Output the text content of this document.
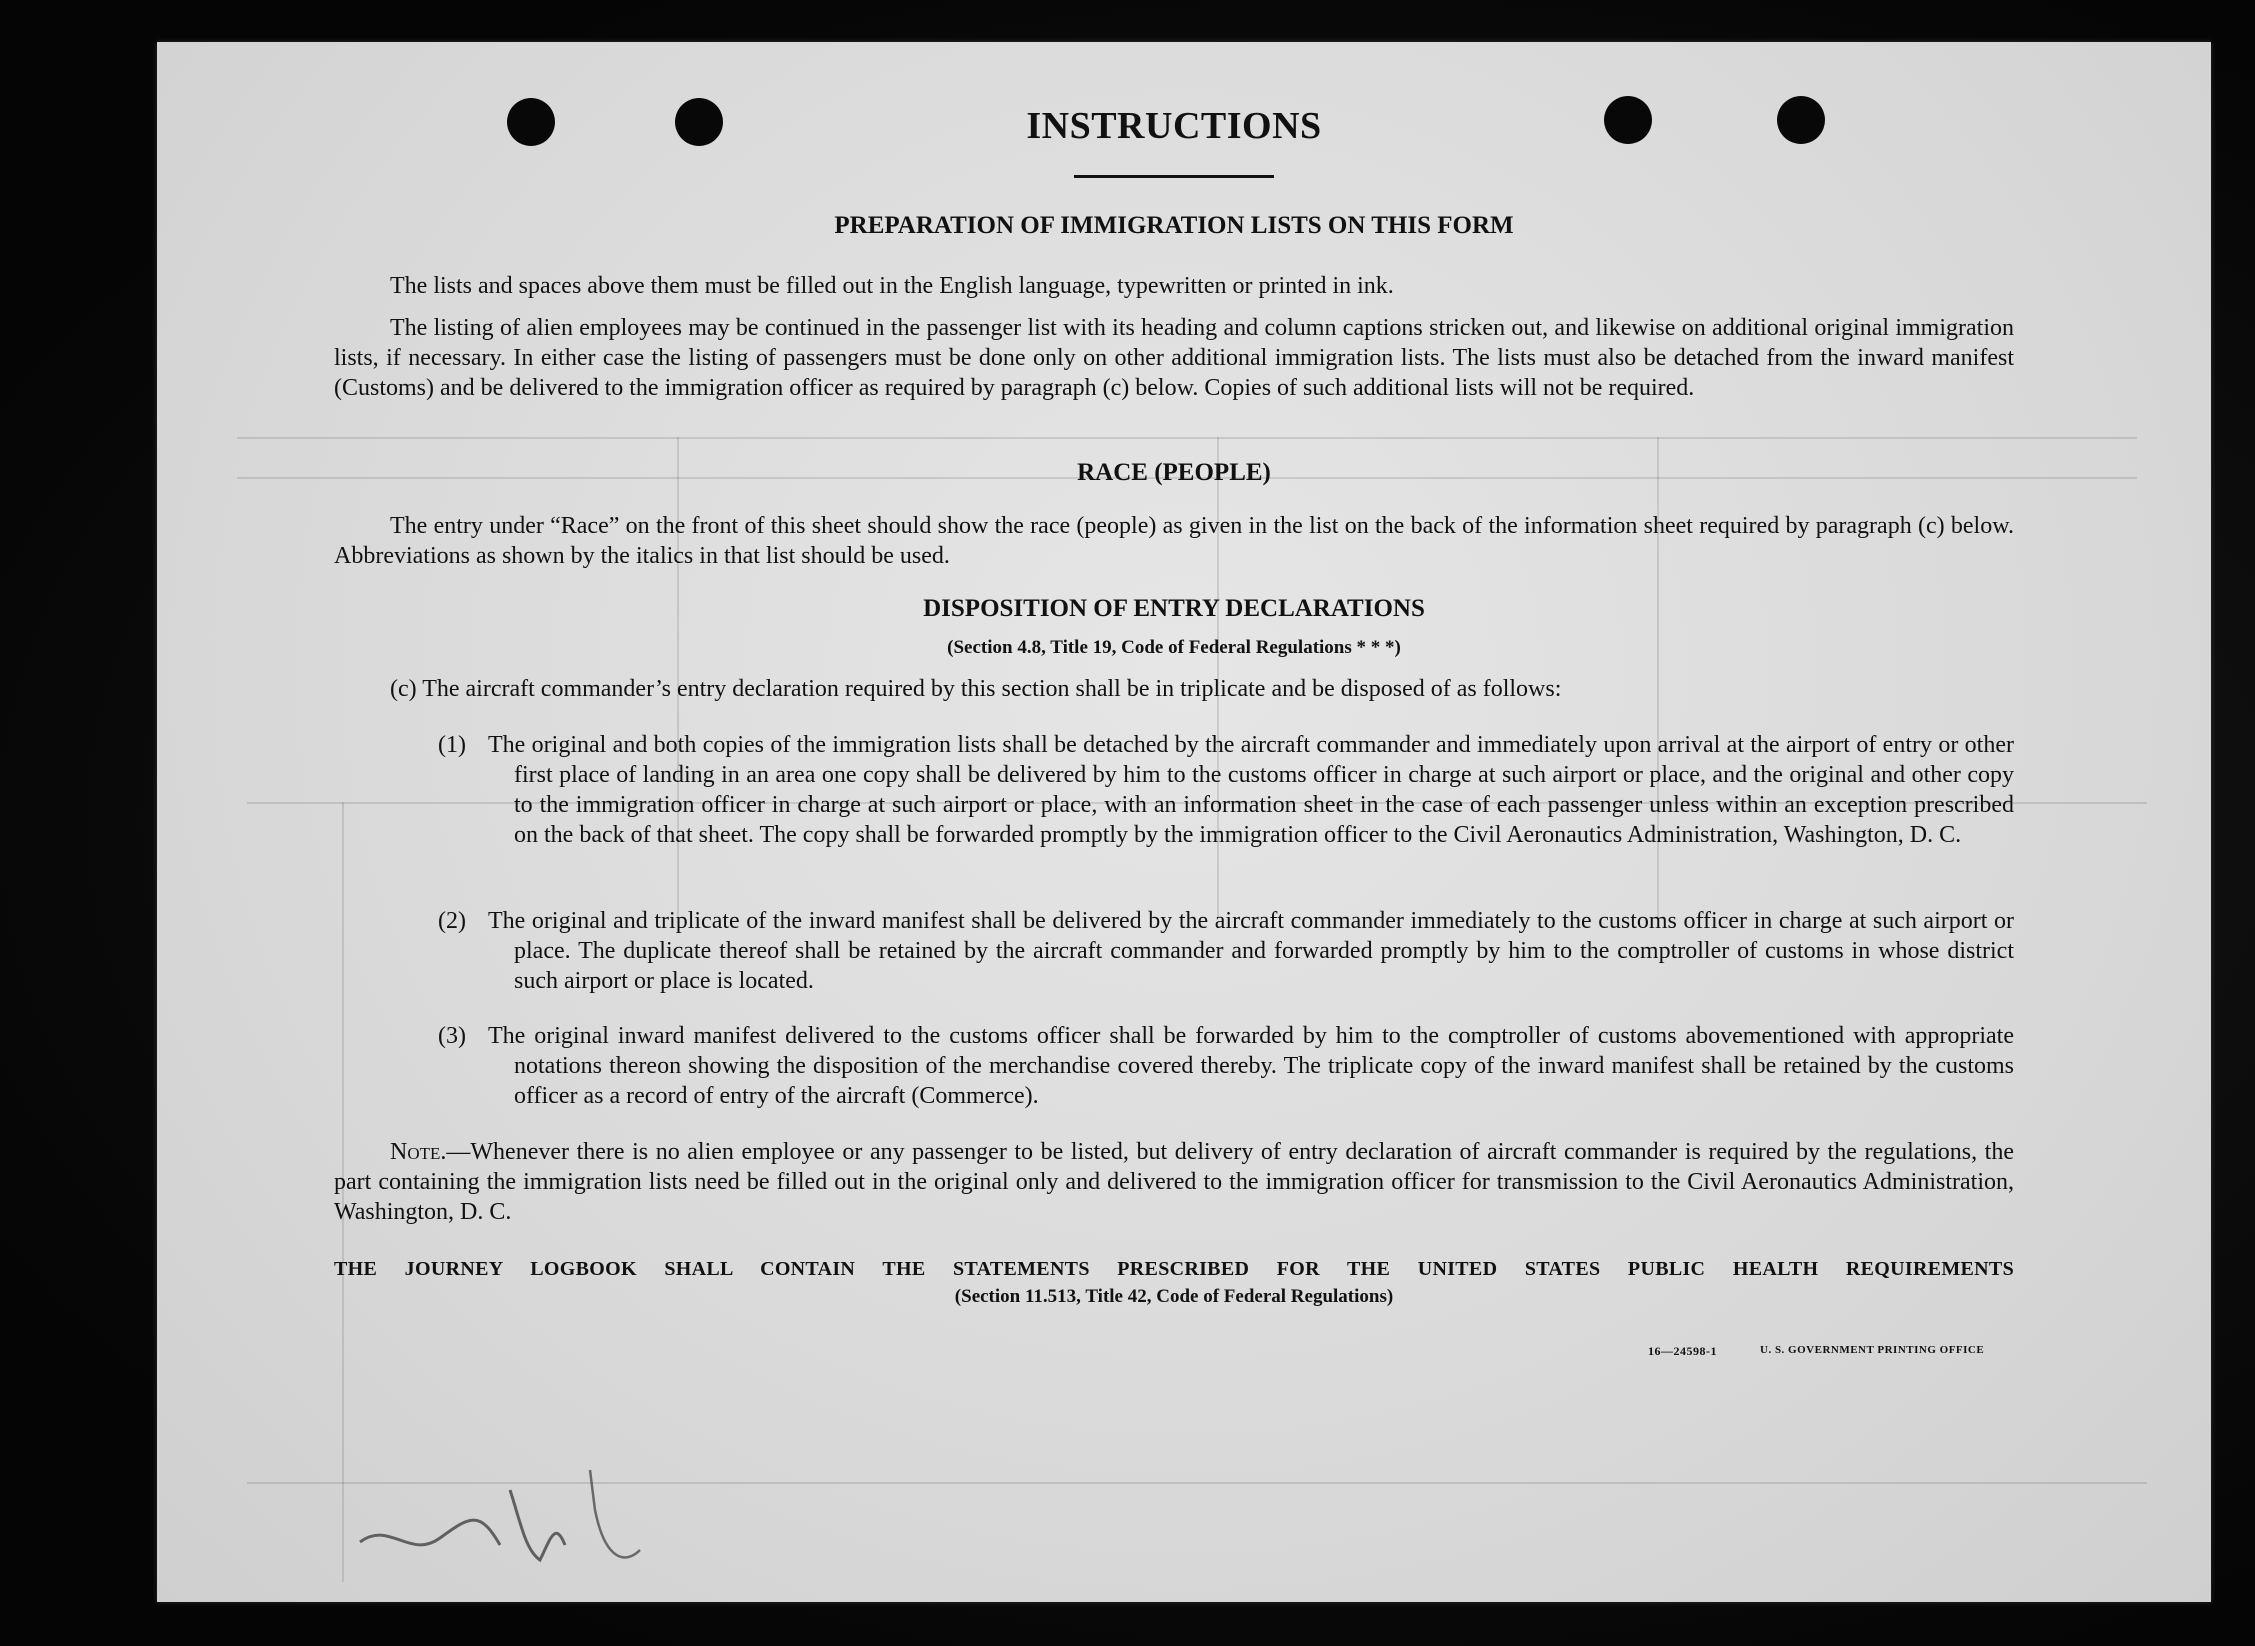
INSTRUCTIONS
PREPARATION OF IMMIGRATION LISTS ON THIS FORM
The lists and spaces above them must be filled out in the English language, typewritten or printed in ink.
The listing of alien employees may be continued in the passenger list with its heading and column captions stricken out, and likewise on additional original immigration lists, if necessary. In either case the listing of passengers must be done only on other additional immigration lists. The lists must also be detached from the inward manifest (Customs) and be delivered to the immigration officer as required by paragraph (c) below. Copies of such additional lists will not be required.
RACE (PEOPLE)
The entry under “Race” on the front of this sheet should show the race (people) as given in the list on the back of the information sheet required by paragraph (c) below. Abbreviations as shown by the italics in that list should be used.
DISPOSITION OF ENTRY DECLARATIONS
(Section 4.8, Title 19, Code of Federal Regulations * * *)
(c) The aircraft commander’s entry declaration required by this section shall be in triplicate and be disposed of as follows:
(1) The original and both copies of the immigration lists shall be detached by the aircraft commander and immediately upon arrival at the airport of entry or other first place of landing in an area one copy shall be delivered by him to the customs officer in charge at such airport or place, and the original and other copy to the immigration officer in charge at such airport or place, with an information sheet in the case of each passenger unless within an exception prescribed on the back of that sheet. The copy shall be forwarded promptly by the immigration officer to the Civil Aeronautics Administration, Washington, D. C.
(2) The original and triplicate of the inward manifest shall be delivered by the aircraft commander immediately to the customs officer in charge at such airport or place. The duplicate thereof shall be retained by the aircraft commander and forwarded promptly by him to the comptroller of customs in whose district such airport or place is located.
(3) The original inward manifest delivered to the customs officer shall be forwarded by him to the comptroller of customs abovementioned with appropriate notations thereon showing the disposition of the merchandise covered thereby. The triplicate copy of the inward manifest shall be retained by the customs officer as a record of entry of the aircraft (Commerce).
Note.—Whenever there is no alien employee or any passenger to be listed, but delivery of entry declaration of aircraft commander is required by the regulations, the part containing the immigration lists need be filled out in the original only and delivered to the immigration officer for transmission to the Civil Aeronautics Administration, Washington, D. C.
THE JOURNEY LOGBOOK SHALL CONTAIN THE STATEMENTS PRESCRIBED FOR THE UNITED STATES PUBLIC HEALTH REQUIREMENTS
(Section 11.513, Title 42, Code of Federal Regulations)
16—24598-1	U. S. GOVERNMENT PRINTING OFFICE
